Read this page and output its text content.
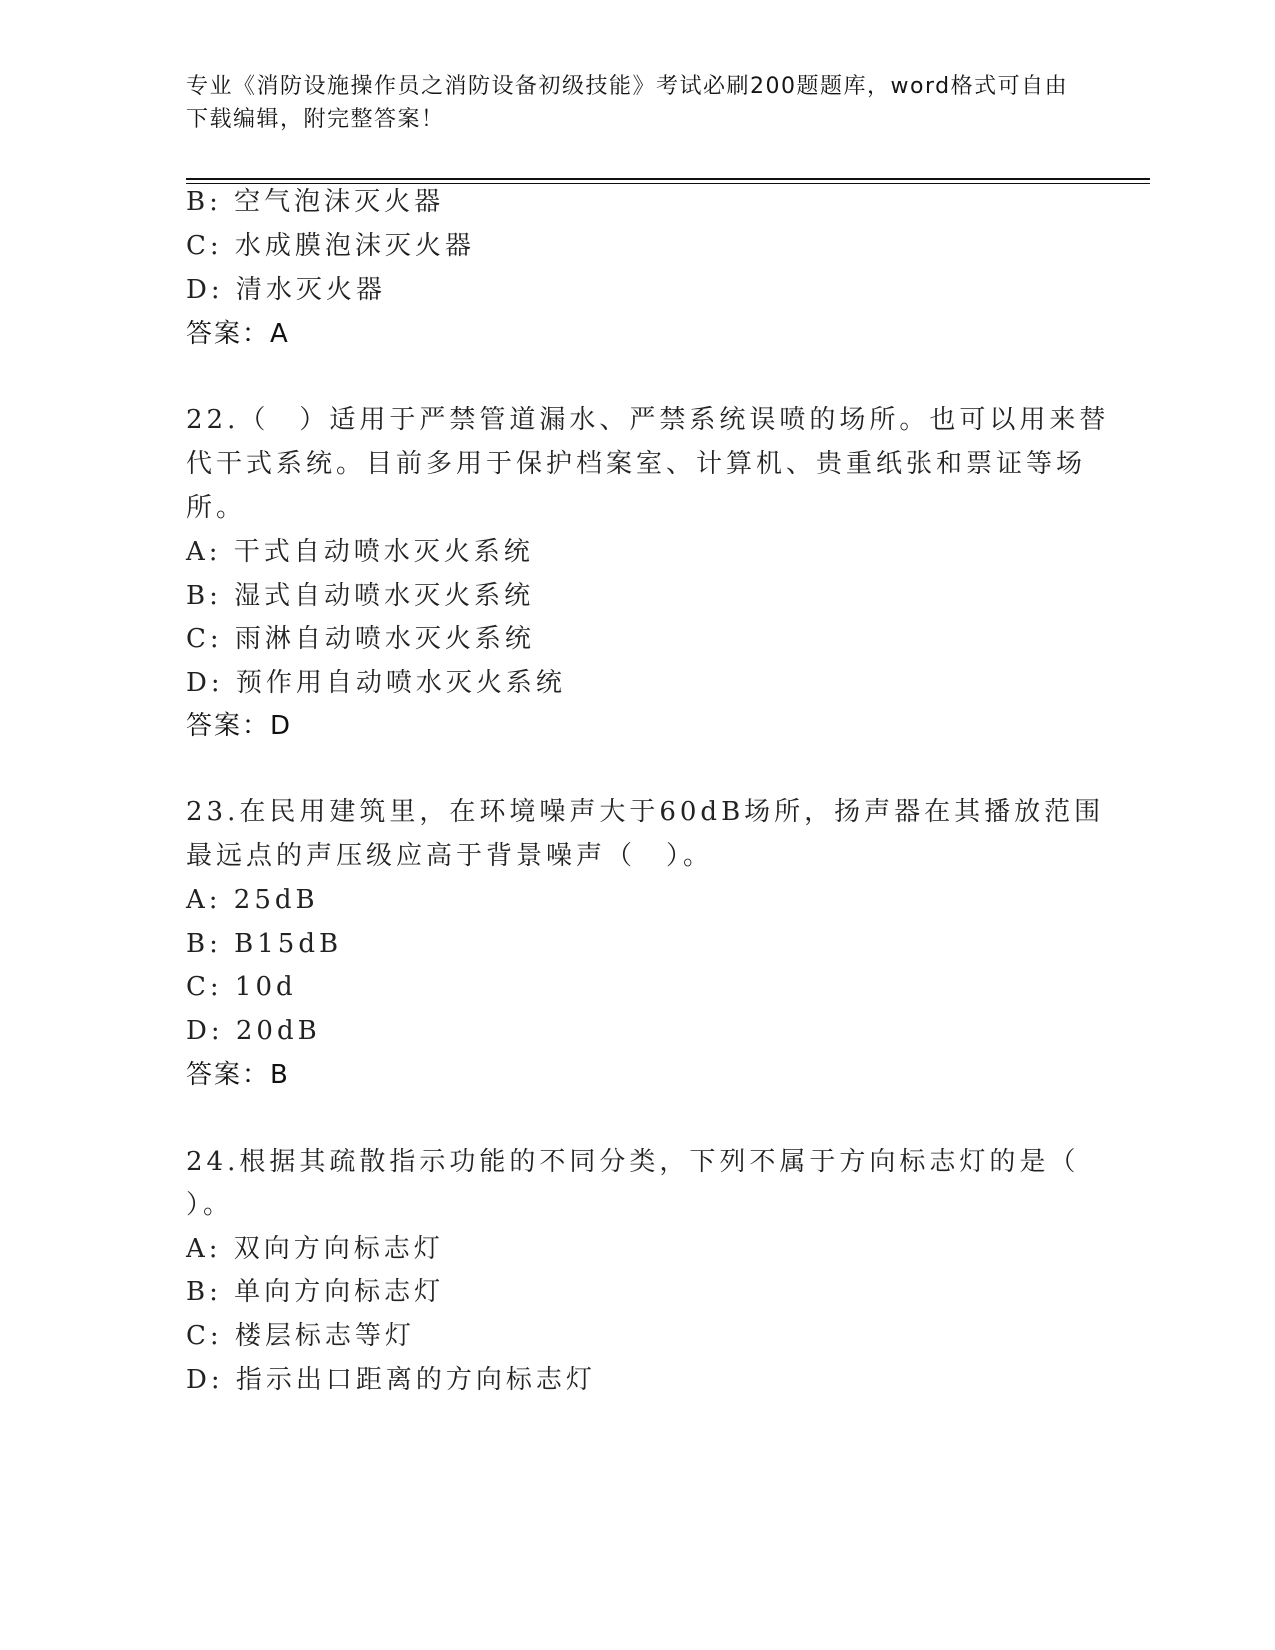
专业《消防设施操作员之消防设备初级技能》考试必刷200题题库，word格式可自由下载编辑，附完整答案！
B: 空气泡沫灭火器
C: 水成膜泡沫灭火器
D: 清水灭火器
答案：A
22.（　）适用于严禁管道漏水、严禁系统误喷的场所。也可以用来替
代干式系统。目前多用于保护档案室、计算机、贵重纸张和票证等场
所。
A: 干式自动喷水灭火系统
B: 湿式自动喷水灭火系统
C: 雨淋自动喷水灭火系统
D: 预作用自动喷水灭火系统
答案：D
23.在民用建筑里，在环境噪声大于60dB场所，扬声器在其播放范围
最远点的声压级应高于背景噪声（　）。
A: 25dB
B: B15dB
C: 10d
D: 20dB
答案：B
24.根据其疏散指示功能的不同分类，下列不属于方向标志灯的是（
）。
A: 双向方向标志灯
B: 单向方向标志灯
C: 楼层标志等灯
D: 指示出口距离的方向标志灯
